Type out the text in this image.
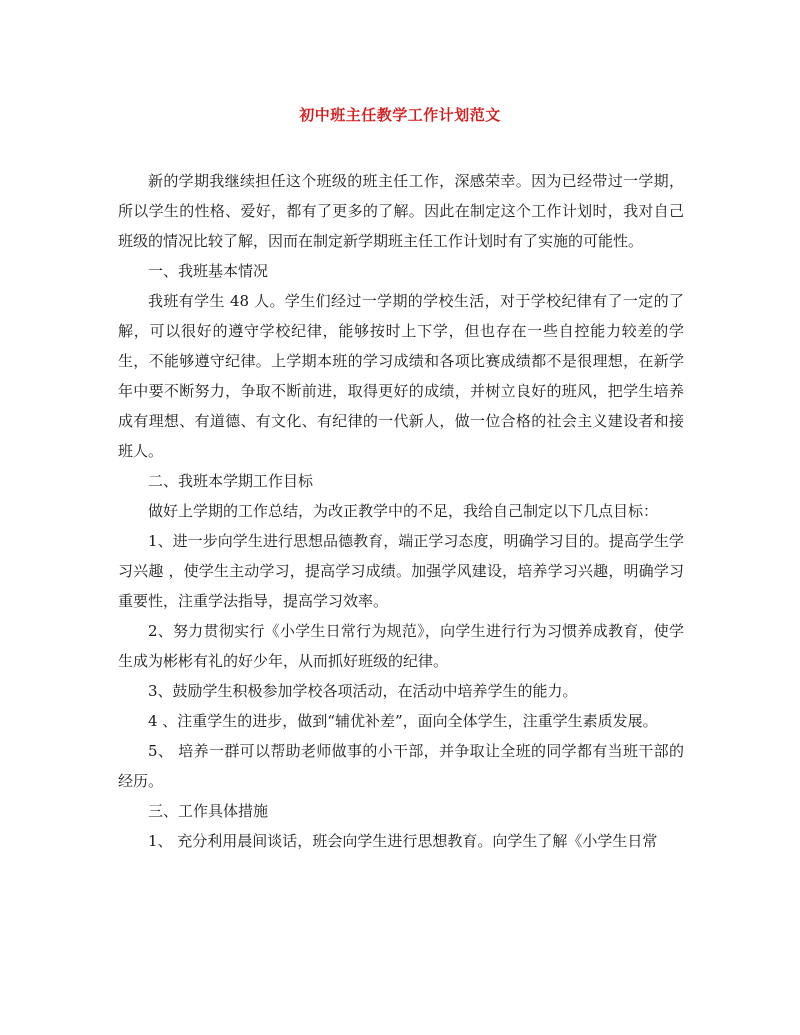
初中班主任教学工作计划范文

新的学期我继续担任这个班级的班主任工作，深感荣幸。因为已经带过一学期，所以学生的性格、爱好，都有了更多的了解。因此在制定这个工作计划时，我对自己班级的情况比较了解，因而在制定新学期班主任工作计划时有了实施的可能性。

一、我班基本情况

我班有学生 48 人。学生们经过一学期的学校生活，对于学校纪律有了一定的了解，可以很好的遵守学校纪律，能够按时上下学，但也存在一些自控能力较差的学生，不能够遵守纪律。上学期本班的学习成绩和各项比赛成绩都不是很理想，在新学年中要不断努力，争取不断前进，取得更好的成绩，并树立良好的班风，把学生培养成有理想、有道德、有文化、有纪律的一代新人，做一位合格的社会主义建设者和接班人。

二、我班本学期工作目标

做好上学期的工作总结，为改正教学中的不足，我给自己制定以下几点目标：

1、进一步向学生进行思想品德教育，端正学习态度，明确学习目的。提高学生学习兴趣 ，使学生主动学习，提高学习成绩。加强学风建设，培养学习兴趣，明确学习重要性，注重学法指导，提高学习效率。

2、努力贯彻实行《小学生日常行为规范》，向学生进行行为习惯养成教育，使学生成为彬彬有礼的好少年，从而抓好班级的纪律。

3、鼓励学生积极参加学校各项活动，在活动中培养学生的能力。

4 、注重学生的进步，做到“辅优补差”，面向全体学生，注重学生素质发展。

5、 培养一群可以帮助老师做事的小干部，并争取让全班的同学都有当班干部的经历。

三、工作具体措施

1、 充分利用晨间谈话，班会向学生进行思想教育。向学生了解《小学生日常
